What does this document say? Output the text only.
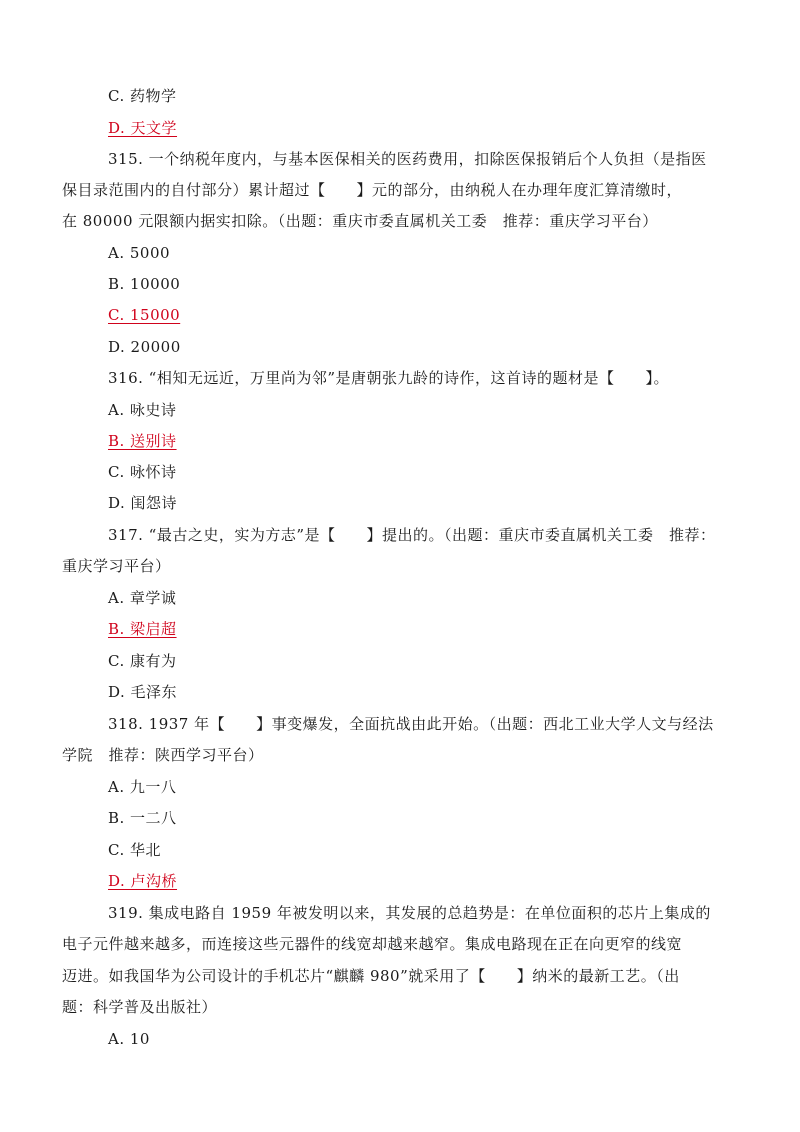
C. 药物学
D. 天文学
315. 一个纳税年度内，与基本医保相关的医药费用，扣除医保报销后个人负担（是指医
保目录范围内的自付部分）累计超过【　　】元的部分，由纳税人在办理年度汇算清缴时，
在 80000 元限额内据实扣除。（出题：重庆市委直属机关工委　推荐：重庆学习平台）
A. 5000
B. 10000
C. 15000
D. 20000
316. “相知无远近，万里尚为邻”是唐朝张九龄的诗作，这首诗的题材是【　　】。
A. 咏史诗
B. 送别诗
C. 咏怀诗
D. 闺怨诗
317. “最古之史，实为方志”是【　　】提出的。（出题：重庆市委直属机关工委　推荐：
重庆学习平台）
A. 章学诚
B. 梁启超
C. 康有为
D. 毛泽东
318. 1937 年【　　】事变爆发，全面抗战由此开始。（出题：西北工业大学人文与经法
学院　推荐：陕西学习平台）
A. 九一八
B. 一二八
C. 华北
D. 卢沟桥
319. 集成电路自 1959 年被发明以来，其发展的总趋势是：在单位面积的芯片上集成的
电子元件越来越多，而连接这些元器件的线宽却越来越窄。集成电路现在正在向更窄的线宽
迈进。如我国华为公司设计的手机芯片“麒麟 980”就采用了【　　】纳米的最新工艺。（出
题：科学普及出版社）
A. 10
